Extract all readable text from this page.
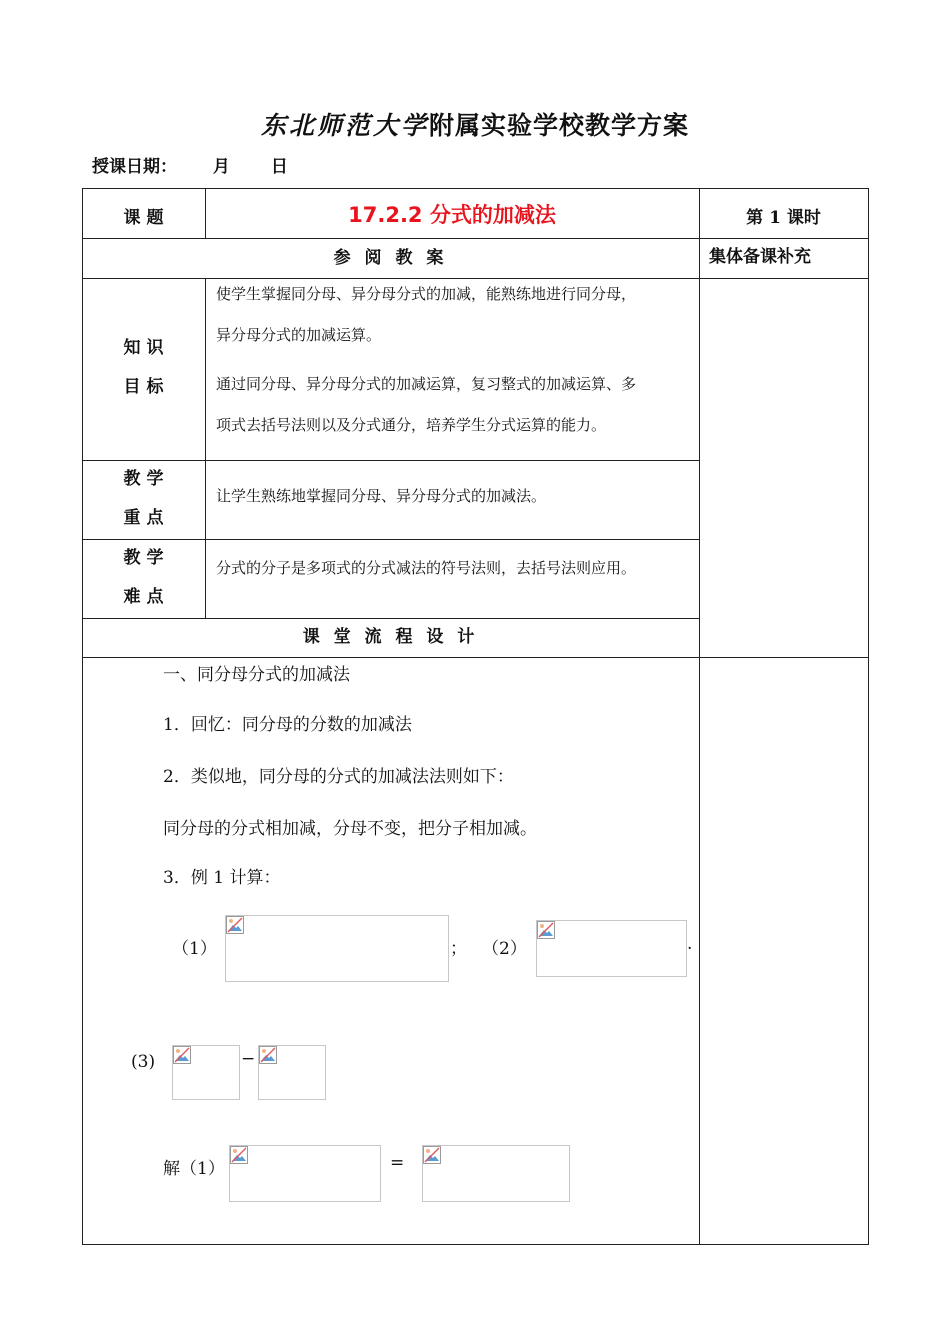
东北师范大学附属实验学校教学方案
授课日期： 月 日
课 题	17.2.2 分式的加减法	第 1 课时
参 阅 教 案	集体备课补充
知 识
目 标
使学生掌握同分母、异分母分式的加减，能熟练地进行同分母，
异分母分式的加减运算。
通过同分母、异分母分式的加减运算，复习整式的加减运算、多
项式去括号法则以及分式通分，培养学生分式运算的能力。
教 学
重 点
让学生熟练地掌握同分母、异分母分式的加减法。
教 学
难 点
分式的分子是多项式的分式减法的符号法则，去括号法则应用。
课 堂 流 程 设 计
一、同分母分式的加减法
1．回忆：同分母的分数的加减法
2．类似地，同分母的分式的加减法法则如下：
同分母的分式相加减，分母不变，把分子相加减。
3．例 1 计算：
（1）	； （2）	.
(3)	−
解（1）	=
